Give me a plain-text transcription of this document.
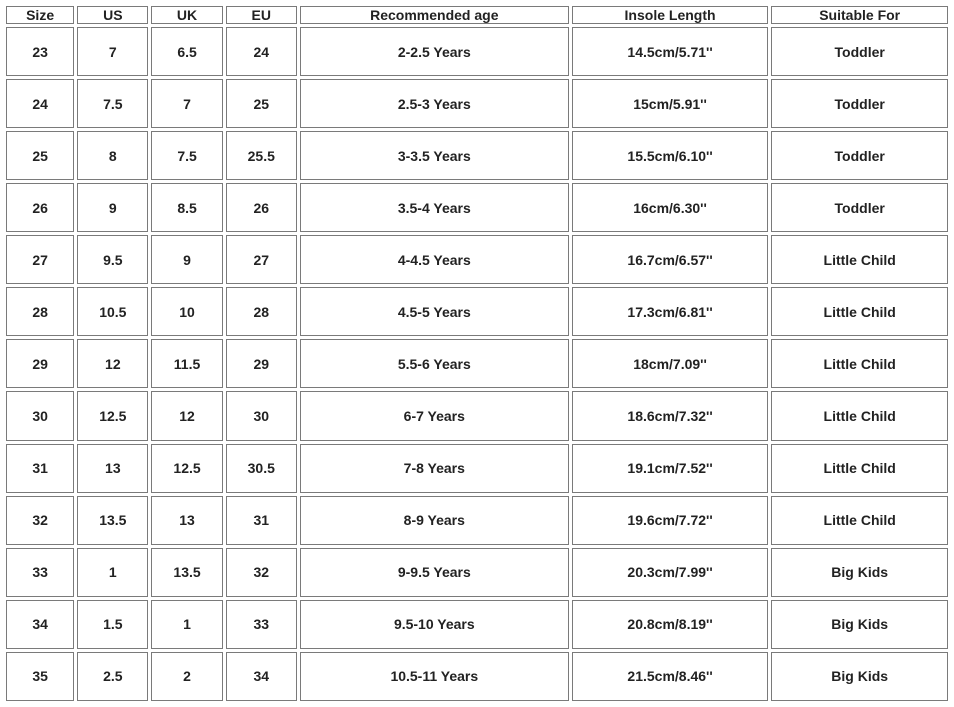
Size	US	UK	EU	Recommended age	Insole Length	Suitable For
23	7	6.5	24	2-2.5 Years	14.5cm/5.71''	Toddler
24	7.5	7	25	2.5-3 Years	15cm/5.91''	Toddler
25	8	7.5	25.5	3-3.5 Years	15.5cm/6.10''	Toddler
26	9	8.5	26	3.5-4 Years	16cm/6.30''	Toddler
27	9.5	9	27	4-4.5 Years	16.7cm/6.57''	Little Child
28	10.5	10	28	4.5-5 Years	17.3cm/6.81''	Little Child
29	12	11.5	29	5.5-6 Years	18cm/7.09''	Little Child
30	12.5	12	30	6-7 Years	18.6cm/7.32''	Little Child
31	13	12.5	30.5	7-8 Years	19.1cm/7.52''	Little Child
32	13.5	13	31	8-9 Years	19.6cm/7.72''	Little Child
33	1	13.5	32	9-9.5 Years	20.3cm/7.99''	Big Kids
34	1.5	1	33	9.5-10 Years	20.8cm/8.19''	Big Kids
35	2.5	2	34	10.5-11 Years	21.5cm/8.46''	Big Kids
